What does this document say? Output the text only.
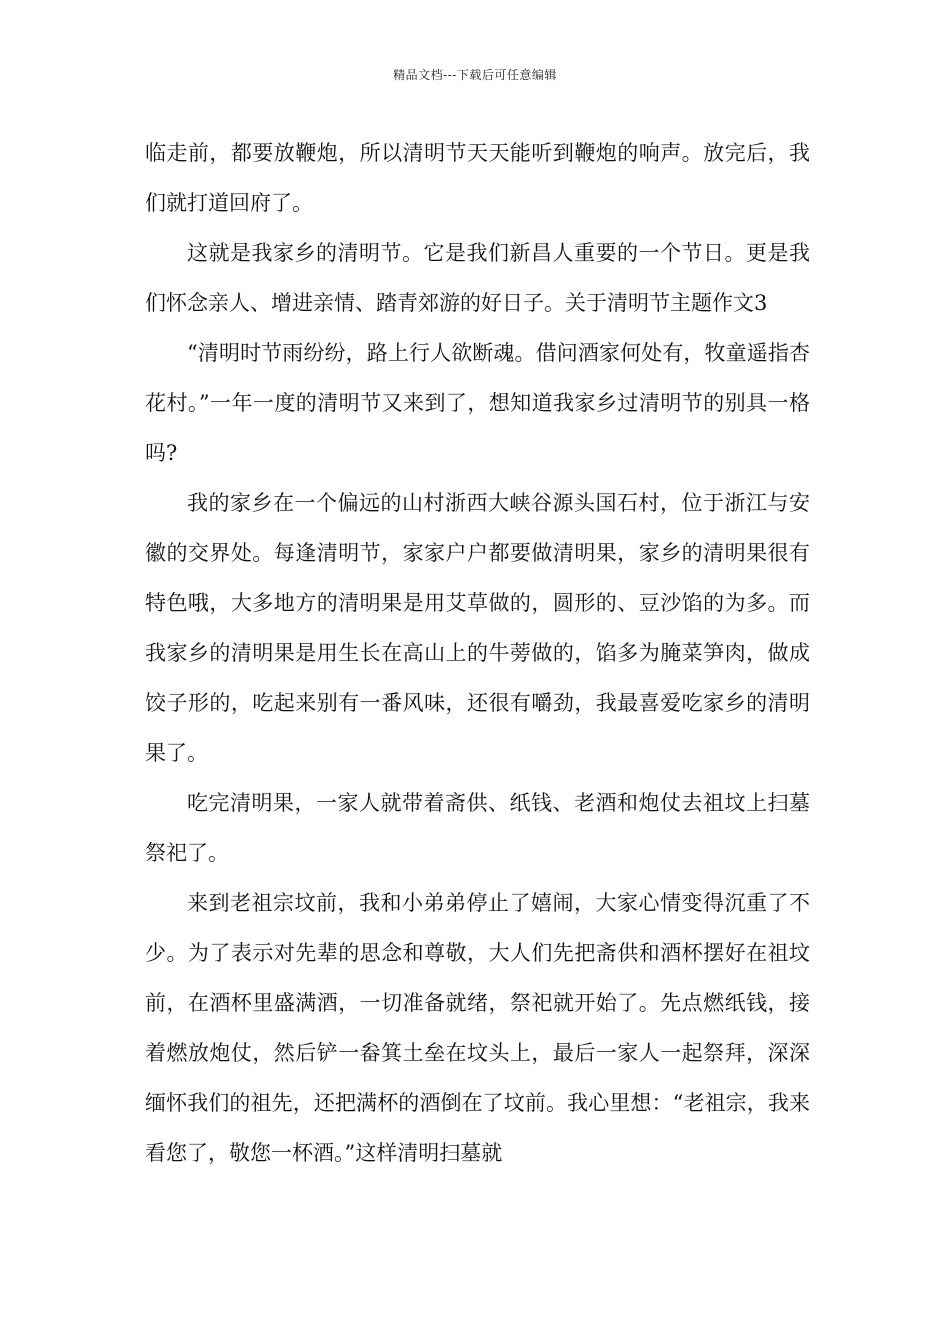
精品文档---下载后可任意编辑

临走前，都要放鞭炮，所以清明节天天能听到鞭炮的响声。放完后，我们就打道回府了。

这就是我家乡的清明节。它是我们新昌人重要的一个节日。更是我们怀念亲人、增进亲情、踏青郊游的好日子。关于清明节主题作文3

“清明时节雨纷纷，路上行人欲断魂。借问酒家何处有，牧童遥指杏花村。”一年一度的清明节又来到了，想知道我家乡过清明节的别具一格吗?

我的家乡在一个偏远的山村浙西大峡谷源头国石村，位于浙江与安徽的交界处。每逢清明节，家家户户都要做清明果，家乡的清明果很有特色哦，大多地方的清明果是用艾草做的，圆形的、豆沙馅的为多。而我家乡的清明果是用生长在高山上的牛蒡做的，馅多为腌菜笋肉，做成饺子形的，吃起来别有一番风味，还很有嚼劲，我最喜爱吃家乡的清明果了。

吃完清明果，一家人就带着斋供、纸钱、老酒和炮仗去祖坟上扫墓祭祀了。

来到老祖宗坟前，我和小弟弟停止了嬉闹，大家心情变得沉重了不少。为了表示对先辈的思念和尊敬，大人们先把斋供和酒杯摆好在祖坟前，在酒杯里盛满酒，一切准备就绪，祭祀就开始了。先点燃纸钱，接着燃放炮仗，然后铲一畚箕土垒在坟头上，最后一家人一起祭拜，深深缅怀我们的祖先，还把满杯的酒倒在了坟前。我心里想：“老祖宗，我来看您了，敬您一杯酒。”这样清明扫墓就
